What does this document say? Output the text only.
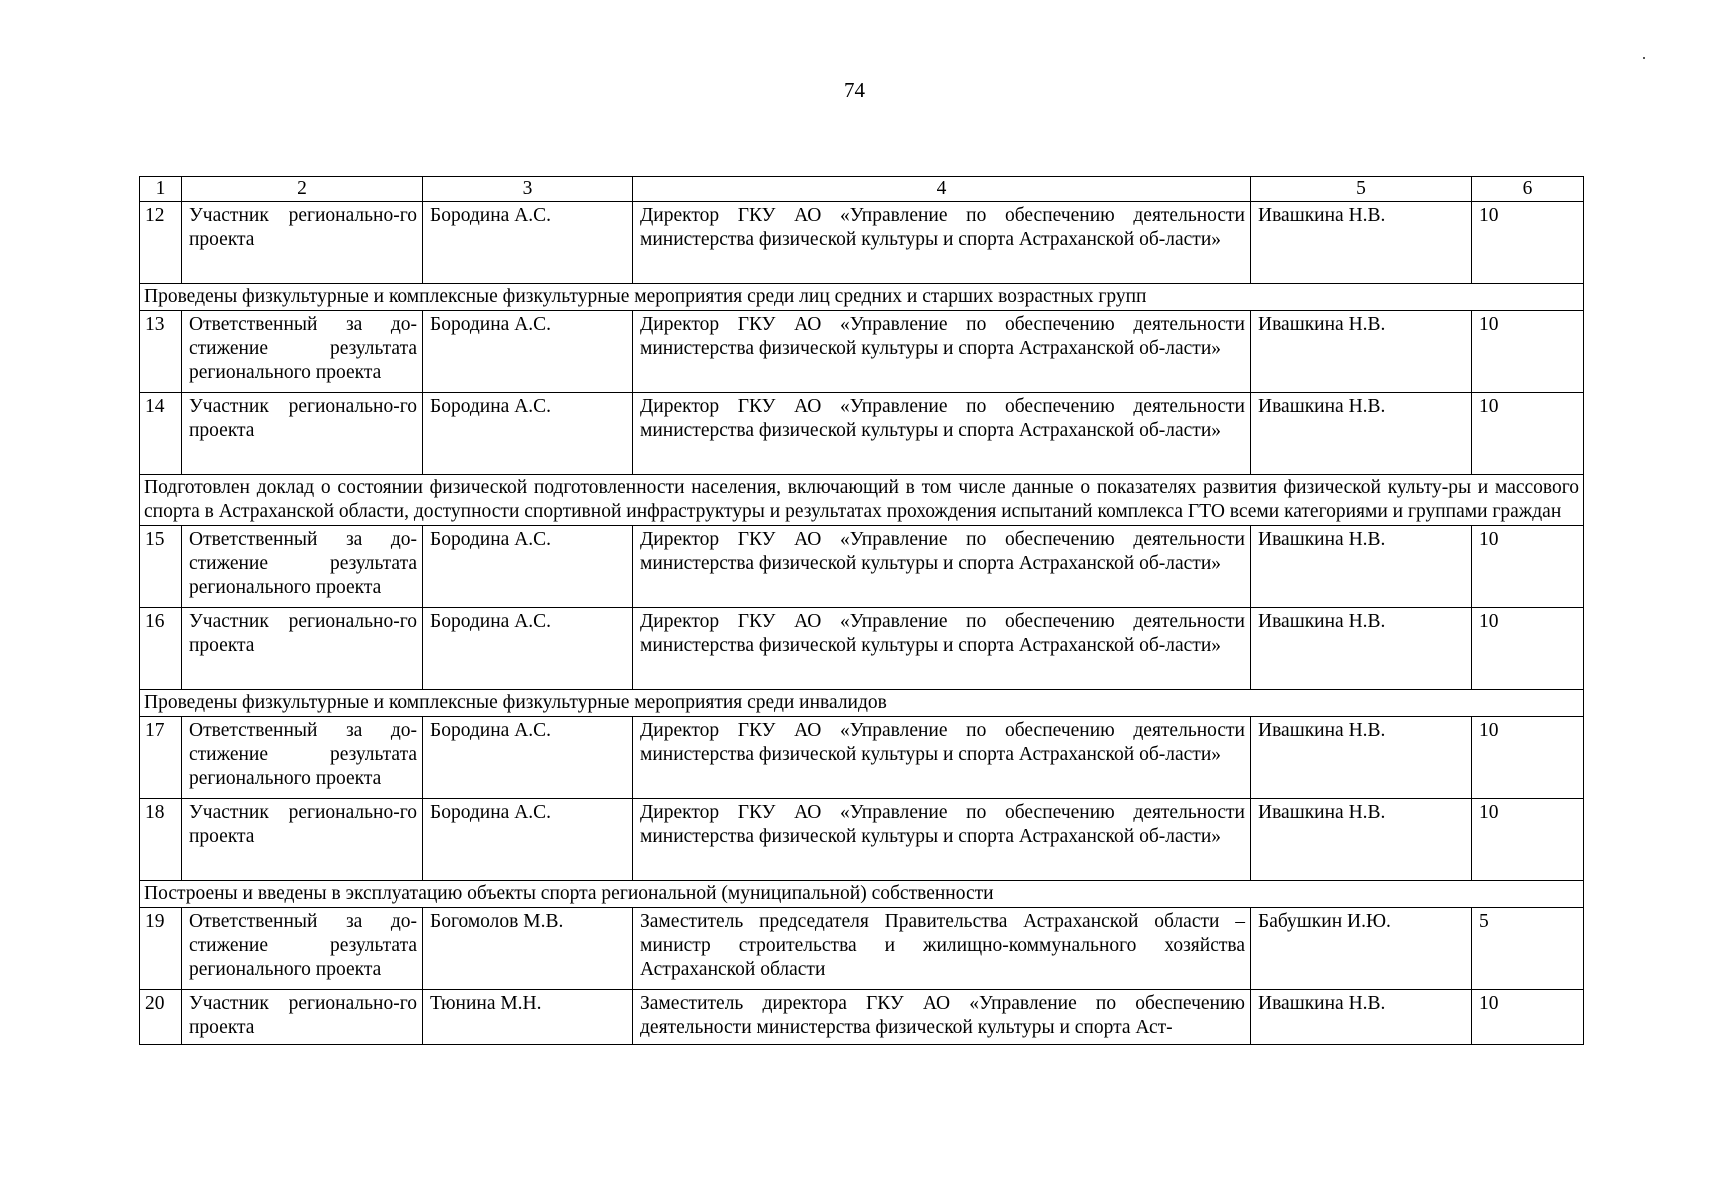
74
1	2	3	4	5	6
12	Участник регионально-го проекта	Бородина А.С.	Директор ГКУ АО «Управление по обеспечению деятельности министерства физической культуры и спорта Астраханской об-ласти»	Ивашкина Н.В.	10
Проведены физкультурные и комплексные физкультурные мероприятия среди лиц средних и старших возрастных групп					
13	Ответственный за до-стижение результата регионального проекта	Бородина А.С.	Директор ГКУ АО «Управление по обеспечению деятельности министерства физической культуры и спорта Астраханской об-ласти»	Ивашкина Н.В.	10
14	Участник регионально-го проекта	Бородина А.С.	Директор ГКУ АО «Управление по обеспечению деятельности министерства физической культуры и спорта Астраханской об-ласти»	Ивашкина Н.В.	10
Подготовлен доклад о состоянии физической подготовленности населения, включающий в том числе данные о показателях развития физической культу-ры и массового спорта в Астраханской области, доступности спортивной инфраструктуры и результатах прохождения испытаний комплекса ГТО всеми категориями и группами граждан					
15	Ответственный за до-стижение результата регионального проекта	Бородина А.С.	Директор ГКУ АО «Управление по обеспечению деятельности министерства физической культуры и спорта Астраханской об-ласти»	Ивашкина Н.В.	10
16	Участник регионально-го проекта	Бородина А.С.	Директор ГКУ АО «Управление по обеспечению деятельности министерства физической культуры и спорта Астраханской об-ласти»	Ивашкина Н.В.	10
Проведены физкультурные и комплексные физкультурные мероприятия среди инвалидов					
17	Ответственный за до-стижение результата регионального проекта	Бородина А.С.	Директор ГКУ АО «Управление по обеспечению деятельности министерства физической культуры и спорта Астраханской об-ласти»	Ивашкина Н.В.	10
18	Участник регионально-го проекта	Бородина А.С.	Директор ГКУ АО «Управление по обеспечению деятельности министерства физической культуры и спорта Астраханской об-ласти»	Ивашкина Н.В.	10
Построены и введены в эксплуатацию объекты спорта региональной (муниципальной) собственности					
19	Ответственный за до-стижение результата регионального проекта	Богомолов М.В.	Заместитель председателя Правительства Астраханской области – министр строительства и жилищно-коммунального хозяйства Астраханской области	Бабушкин И.Ю.	5
20	Участник регионально-го проекта	Тюнина М.Н.	Заместитель директора ГКУ АО «Управление по обеспечению деятельности министерства физической культуры и спорта Аст-	Ивашкина Н.В.	10
